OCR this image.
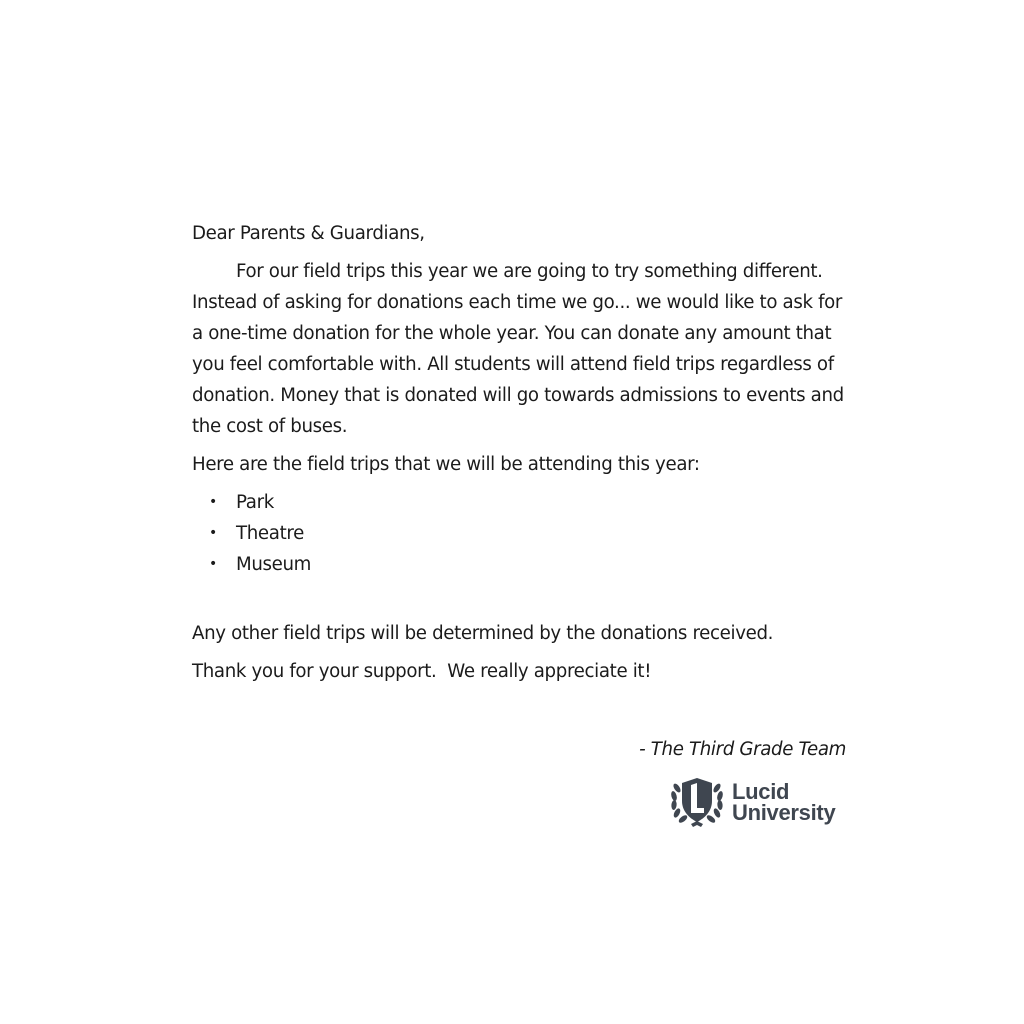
Dear Parents & Guardians,

For our field trips this year we are going to try something different. Instead of asking for donations each time we go... we would like to ask for a one-time donation for the whole year. You can donate any amount that you feel comfortable with. All students will attend field trips regardless of donation. Money that is donated will go towards admissions to events and the cost of buses.

Here are the field trips that we will be attending this year:

• Park
• Theatre
• Museum

Any other field trips will be determined by the donations received.

Thank you for your support.  We really appreciate it!

- The Third Grade Team
Lucid
University
